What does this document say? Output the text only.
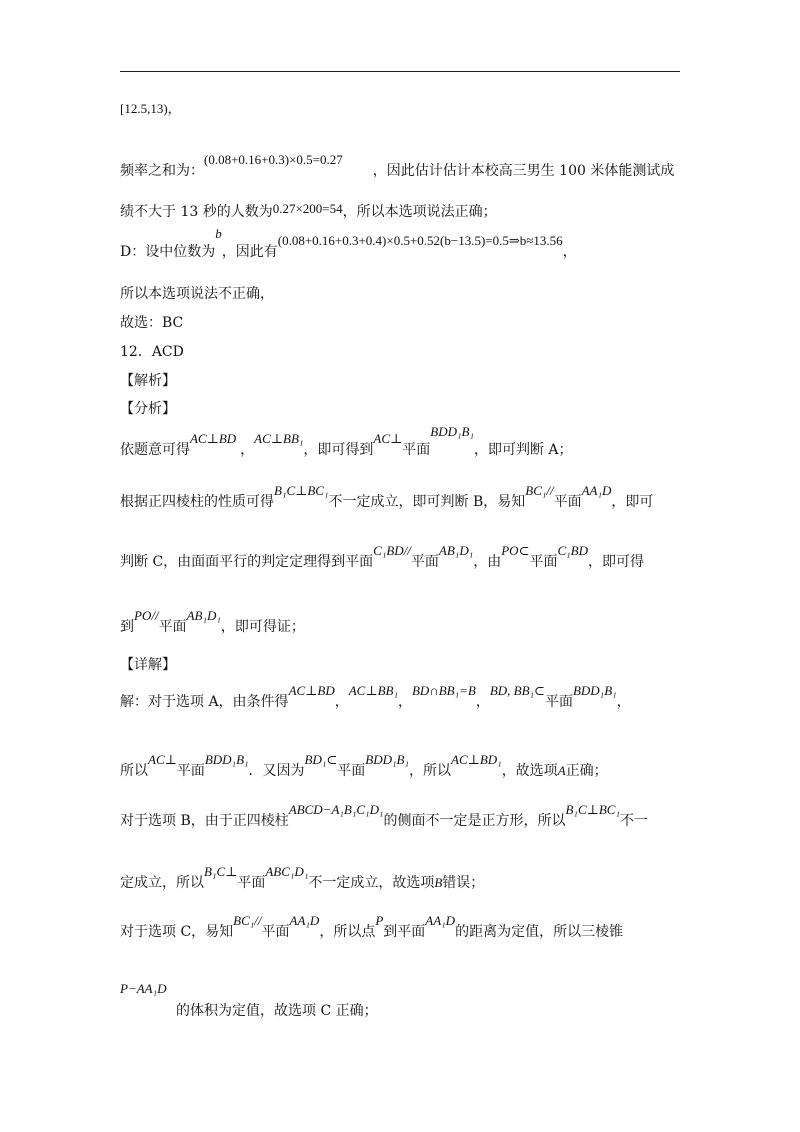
[12.5,13)，
频率之和为：(0.08+0.16+0.3)×0.5=0.27，因此估计估计本校高三男生 100 米体能测试成
绩不大于 13 秒的人数为0.27×200=54，所以本选项说法正确；
D：设中位数为b，因此有(0.08+0.16+0.3+0.4)×0.5+0.52(b−13.5)=0.5⇒b≈13.56，
所以本选项说法不正确，
故选：BC
12．ACD
【解析】
【分析】
依题意可得AC⊥BD，AC⊥BB₁，即可得到AC⊥平面BDD₁B₁，即可判断 A；
根据正四棱柱的性质可得B₁C⊥BC₁不一定成立，即可判断 B，易知BC₁//平面AA₁D，即可
判断 C，由面面平行的判定定理得到平面C₁BD//平面AB₁D₁，由PO⊂平面C₁BD，即可得
到PO//平面AB₁D₁，即可得证；
【详解】
解：对于选项 A，由条件得AC⊥BD，AC⊥BB₁，BD∩BB₁=B，BD, BB₁⊂平面BDD₁B₁，
所以AC⊥平面BDD₁B₁．又因为BD₁⊂平面BDD₁B₁，所以AC⊥BD₁，故选项A正确；
对于选项 B，由于正四棱柱ABCD−A₁B₁C₁D₁的侧面不一定是正方形，所以B₁C⊥BC₁不一
定成立，所以B₁C⊥平面ABC₁D₁不一定成立，故选项B错误；
对于选项 C，易知BC₁//平面AA₁D，所以点P到平面AA₁D的距离为定值，所以三棱锥
P−AA₁D
的体积为定值，故选项 C 正确；
